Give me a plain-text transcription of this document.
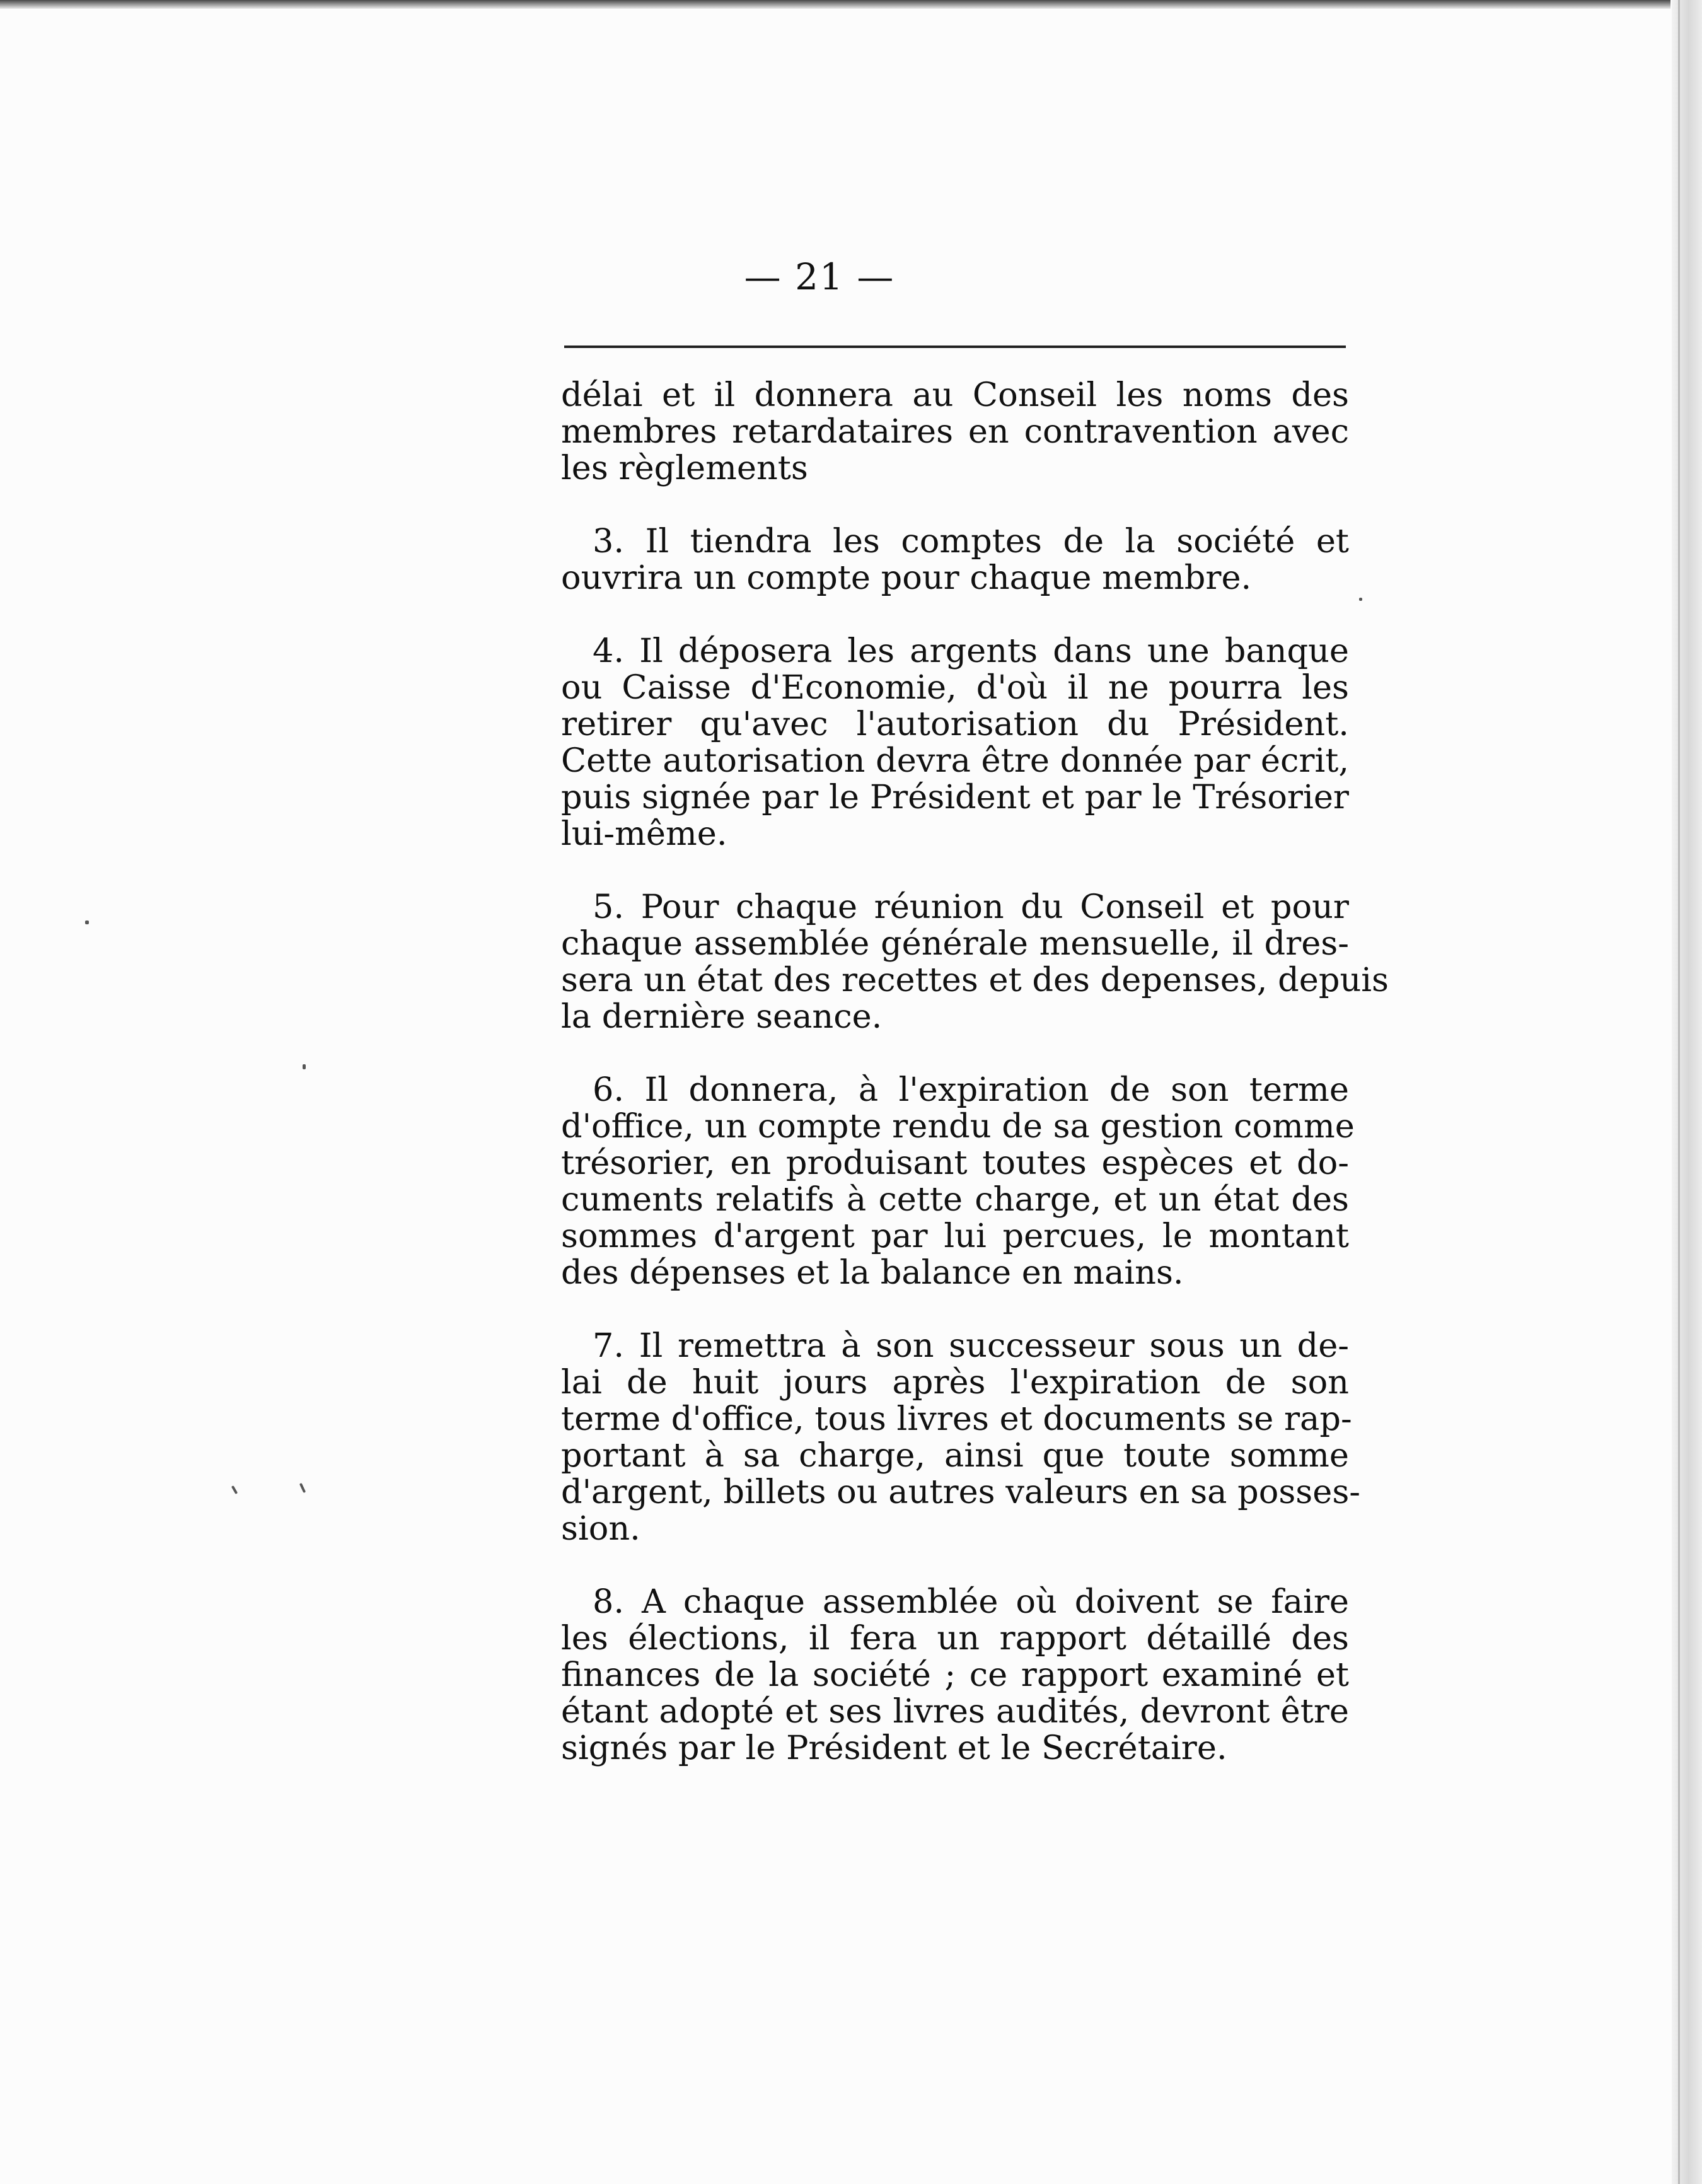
— 21 —
délai et il donnera au Conseil les noms des
membres retardataires en contravention avec
les règlements
3. Il tiendra les comptes de la société et
ouvrira un compte pour chaque membre.
4. Il déposera les argents dans une banque
ou Caisse d'Economie, d'où il ne pourra les
retirer qu'avec l'autorisation du Président.
Cette autorisation devra être donnée par écrit,
puis signée par le Président et par le Trésorier
lui-même.
5. Pour chaque réunion du Conseil et pour
chaque assemblée générale mensuelle, il dres-
sera un état des recettes et des depenses, depuis
la dernière seance.
6. Il donnera, à l'expiration de son terme
d'office, un compte rendu de sa gestion comme
trésorier, en produisant toutes espèces et do-
cuments relatifs à cette charge, et un état des
sommes d'argent par lui percues, le montant
des dépenses et la balance en mains.
7. Il remettra à son successeur sous un de-
lai de huit jours après l'expiration de son
terme d'office, tous livres et documents se rap-
portant à sa charge, ainsi que toute somme
d'argent, billets ou autres valeurs en sa posses-
sion.
8. A chaque assemblée où doivent se faire
les élections, il fera un rapport détaillé des
finances de la société ; ce rapport examiné et
étant adopté et ses livres audités, devront être
signés par le Président et le Secrétaire.
